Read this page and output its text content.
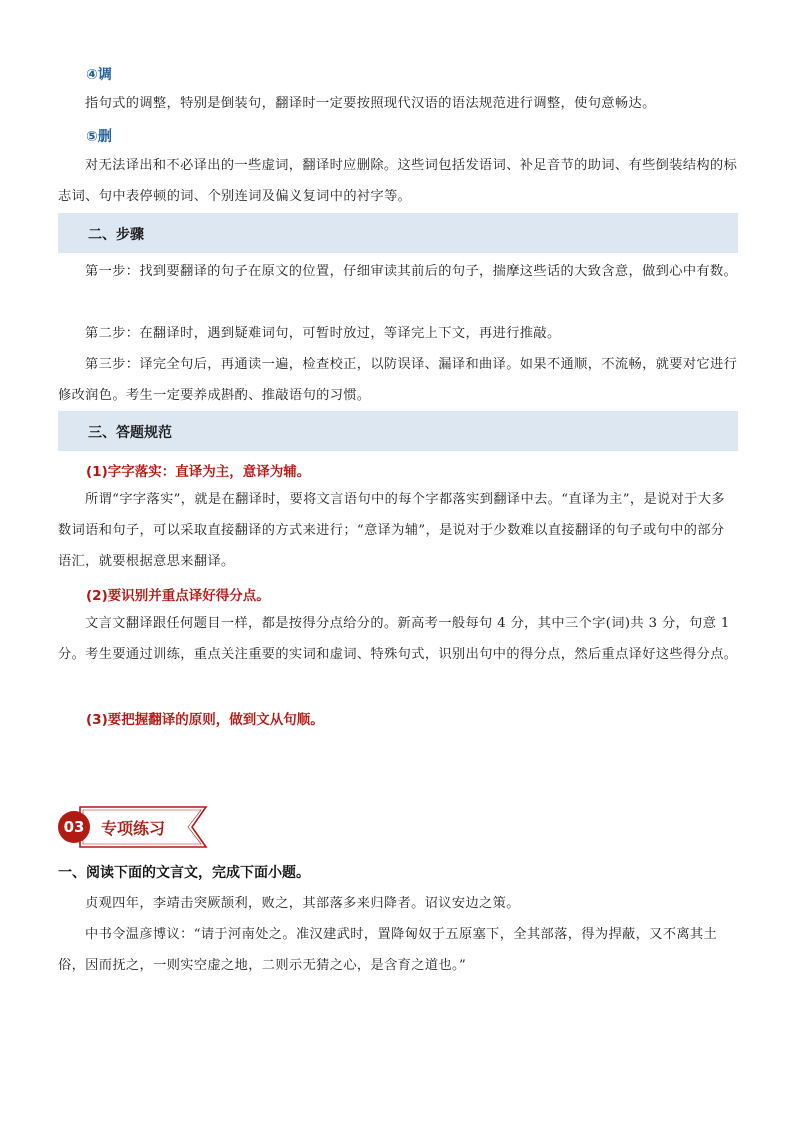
④调

指句式的调整，特别是倒装句，翻译时一定要按照现代汉语的语法规范进行调整，使句意畅达。

⑤删

对无法译出和不必译出的一些虚词，翻译时应删除。这些词包括发语词、补足音节的助词、有些倒装结构的标志词、句中表停顿的词、个别连词及偏义复词中的衬字等。

二、步骤

第一步：找到要翻译的句子在原文的位置，仔细审读其前后的句子，揣摩这些话的大致含意，做到心中有数。

第二步：在翻译时，遇到疑难词句，可暂时放过，等译完上下文，再进行推敲。

第三步：译完全句后，再通读一遍，检查校正，以防误译、漏译和曲译。如果不通顺，不流畅，就要对它进行修改润色。考生一定要养成斟酌、推敲语句的习惯。

三、答题规范

(1)字字落实：直译为主，意译为辅。

所谓“字字落实”，就是在翻译时，要将文言语句中的每个字都落实到翻译中去。“直译为主”，是说对于大多数词语和句子，可以采取直接翻译的方式来进行；“意译为辅”，是说对于少数难以直接翻译的句子或句中的部分语汇，就要根据意思来翻译。

(2)要识别并重点译好得分点。

文言文翻译跟任何题目一样，都是按得分点给分的。新高考一般每句 4 分，其中三个字(词)共 3 分，句意 1 分。考生要通过训练，重点关注重要的实词和虚词、特殊句式，识别出句中的得分点，然后重点译好这些得分点。

(3)要把握翻译的原则，做到文从句顺。

03	专项练习

一、阅读下面的文言文，完成下面小题。

贞观四年，李靖击突厥颉利，败之，其部落多来归降者。诏议安边之策。

中书令温彦博议：“请于河南处之。准汉建武时，置降匈奴于五原塞下，全其部落，得为捍蔽，又不离其土俗，因而抚之，一则实空虚之地，二则示无猜之心，是含育之道也。”
